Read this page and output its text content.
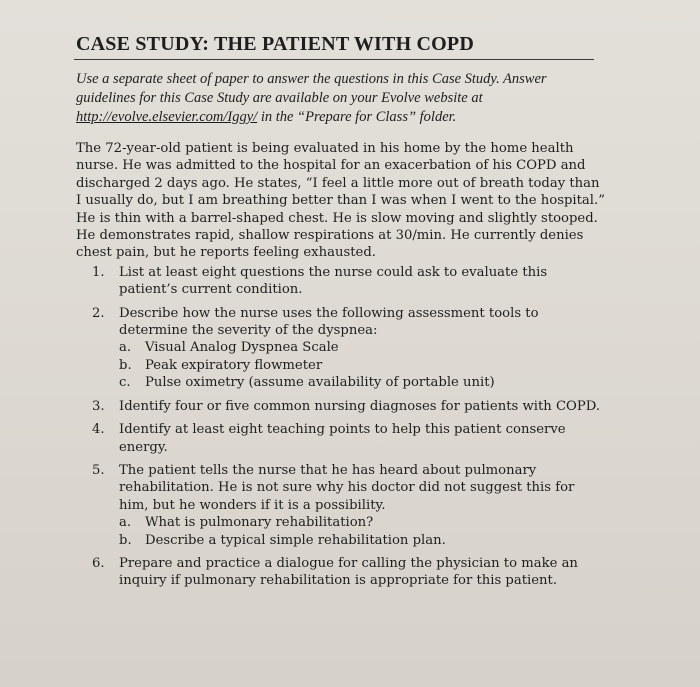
CASE STUDY: THE PATIENT WITH COPD
Use a separate sheet of paper to answer the questions in this Case Study. Answer guidelines for this Case Study are available on your Evolve website at http://evolve.elsevier.com/Iggy/ in the “Prepare for Class” folder.

The 72-year-old patient is being evaluated in his home by the home health nurse. He was admitted to the hospital for an exacerbation of his COPD and discharged 2 days ago. He states, “I feel a little more out of breath today than I usually do, but I am breathing better than I was when I went to the hospital.” He is thin with a barrel-shaped chest. He is slow moving and slightly stooped. He demonstrates rapid, shallow respirations at 30/min. He currently denies chest pain, but he reports feeling exhausted.

1. List at least eight questions the nurse could ask to evaluate this patient’s current condition.
2. Describe how the nurse uses the following assessment tools to determine the severity of the dyspnea:
a. Visual Analog Dyspnea Scale
b. Peak expiratory flowmeter
c. Pulse oximetry (assume availability of portable unit)
3. Identify four or five common nursing diagnoses for patients with COPD.
4. Identify at least eight teaching points to help this patient conserve energy.
5. The patient tells the nurse that he has heard about pulmonary rehabilitation. He is not sure why his doctor did not suggest this for him, but he wonders if it is a possibility.
a. What is pulmonary rehabilitation?
b. Describe a typical simple rehabilitation plan.
6. Prepare and practice a dialogue for calling the physician to make an inquiry if pulmonary rehabilitation is appropriate for this patient.
